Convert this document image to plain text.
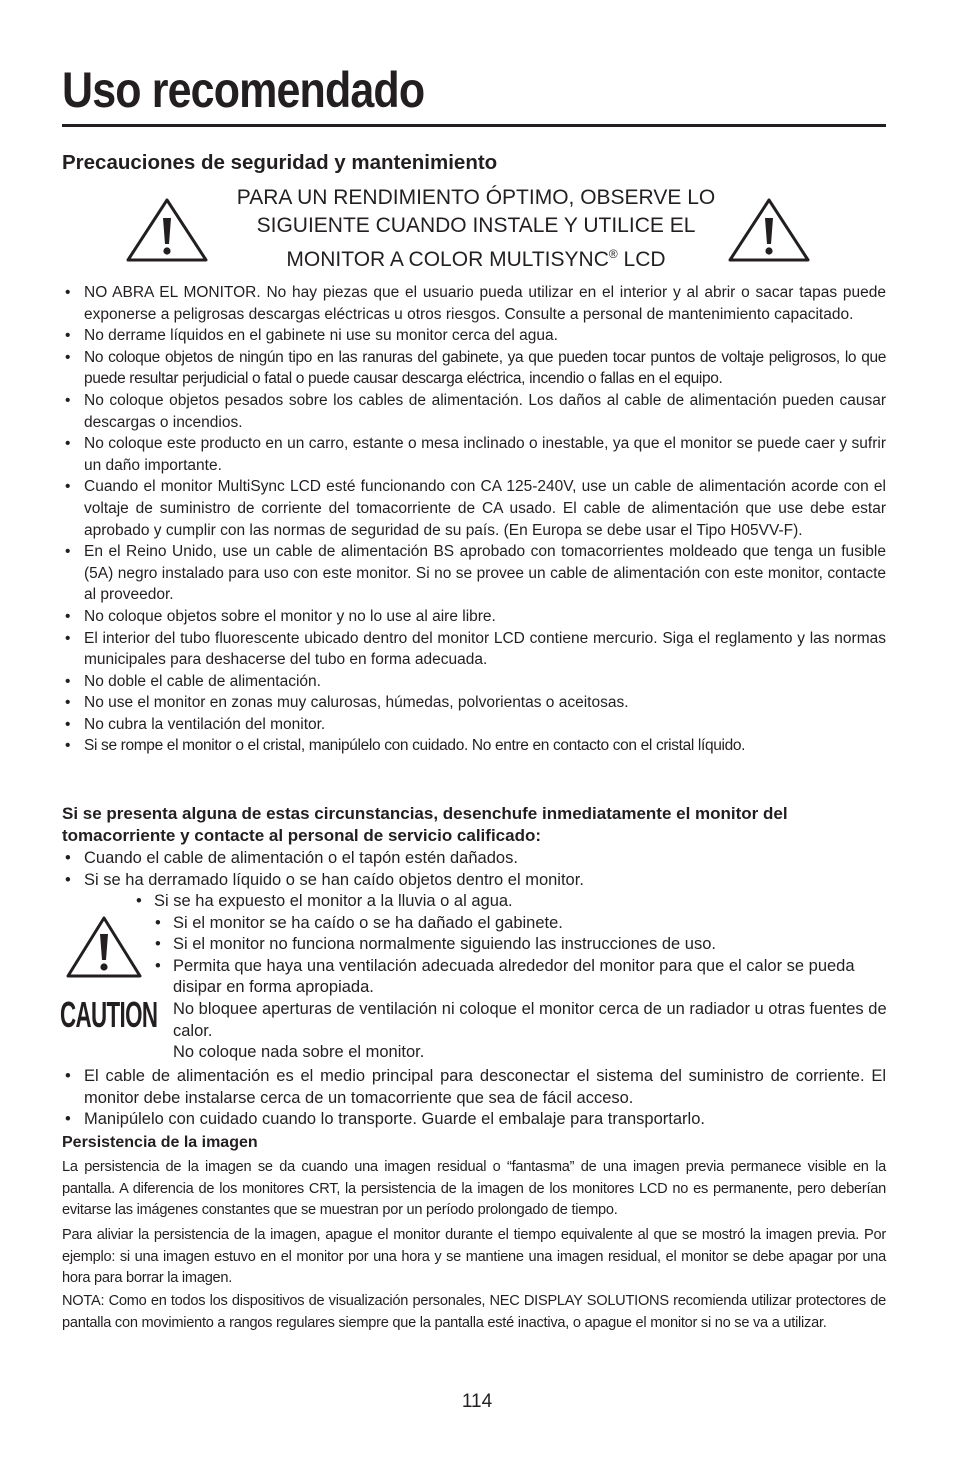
Uso recomendado
Precauciones de seguridad y mantenimiento
PARA UN RENDIMIENTO ÓPTIMO, OBSERVE LO
SIGUIENTE CUANDO INSTALE Y UTILICE EL
MONITOR A COLOR MULTISYNC® LCD
• NO ABRA EL MONITOR. No hay piezas que el usuario pueda utilizar en el interior y al abrir o sacar tapas puede exponerse a peligrosas descargas eléctricas u otros riesgos. Consulte a personal de mantenimiento capacitado.
• No derrame líquidos en el gabinete ni use su monitor cerca del agua.
• No coloque objetos de ningún tipo en las ranuras del gabinete, ya que pueden tocar puntos de voltaje peligrosos, lo que puede resultar perjudicial o fatal o puede causar descarga eléctrica, incendio o fallas en el equipo.
• No coloque objetos pesados sobre los cables de alimentación. Los daños al cable de alimentación pueden causar descargas o incendios.
• No coloque este producto en un carro, estante o mesa inclinado o inestable, ya que el monitor se puede caer y sufrir un daño importante.
• Cuando el monitor MultiSync LCD esté funcionando con CA 125-240V, use un cable de alimentación acorde con el voltaje de suministro de corriente del tomacorriente de CA usado. El cable de alimentación que use debe estar aprobado y cumplir con las normas de seguridad de su país. (En Europa se debe usar el Tipo H05VV-F).
• En el Reino Unido, use un cable de alimentación BS aprobado con tomacorrientes moldeado que tenga un fusible (5A) negro instalado para uso con este monitor. Si no se provee un cable de alimentación con este monitor, contacte al proveedor.
• No coloque objetos sobre el monitor y no lo use al aire libre.
• El interior del tubo fluorescente ubicado dentro del monitor LCD contiene mercurio. Siga el reglamento y las normas municipales para deshacerse del tubo en forma adecuada.
• No doble el cable de alimentación.
• No use el monitor en zonas muy calurosas, húmedas, polvorientas o aceitosas.
• No cubra la ventilación del monitor.
• Si se rompe el monitor o el cristal, manipúlelo con cuidado. No entre en contacto con el cristal líquido.
Si se presenta alguna de estas circunstancias, desenchufe inmediatamente el monitor del tomacorriente y contacte al personal de servicio calificado:
• Cuando el cable de alimentación o el tapón estén dañados.
• Si se ha derramado líquido o se han caído objetos dentro el monitor.
CAUTION
• Si se ha expuesto el monitor a la lluvia o al agua.
• Si el monitor se ha caído o se ha dañado el gabinete.
• Si el monitor no funciona normalmente siguiendo las instrucciones de uso.
• Permita que haya una ventilación adecuada alrededor del monitor para que el calor se pueda disipar en forma apropiada.
No bloquee aperturas de ventilación ni coloque el monitor cerca de un radiador u otras fuentes de calor.
No coloque nada sobre el monitor.
• El cable de alimentación es el medio principal para desconectar el sistema del suministro de corriente. El monitor debe instalarse cerca de un tomacorriente que sea de fácil acceso.
• Manipúlelo con cuidado cuando lo transporte. Guarde el embalaje para transportarlo.
Persistencia de la imagen
La persistencia de la imagen se da cuando una imagen residual o “fantasma” de una imagen previa permanece visible en la pantalla. A diferencia de los monitores CRT, la persistencia de la imagen de los monitores LCD no es permanente, pero deberían evitarse las imágenes constantes que se muestran por un período prolongado de tiempo.
Para aliviar la persistencia de la imagen, apague el monitor durante el tiempo equivalente al que se mostró la imagen previa. Por ejemplo: si una imagen estuvo en el monitor por una hora y se mantiene una imagen residual, el monitor se debe apagar por una hora para borrar la imagen.
NOTA: Como en todos los dispositivos de visualización personales, NEC DISPLAY SOLUTIONS recomienda utilizar protectores de pantalla con movimiento a rangos regulares siempre que la pantalla esté inactiva, o apague el monitor si no se va a utilizar.
114
